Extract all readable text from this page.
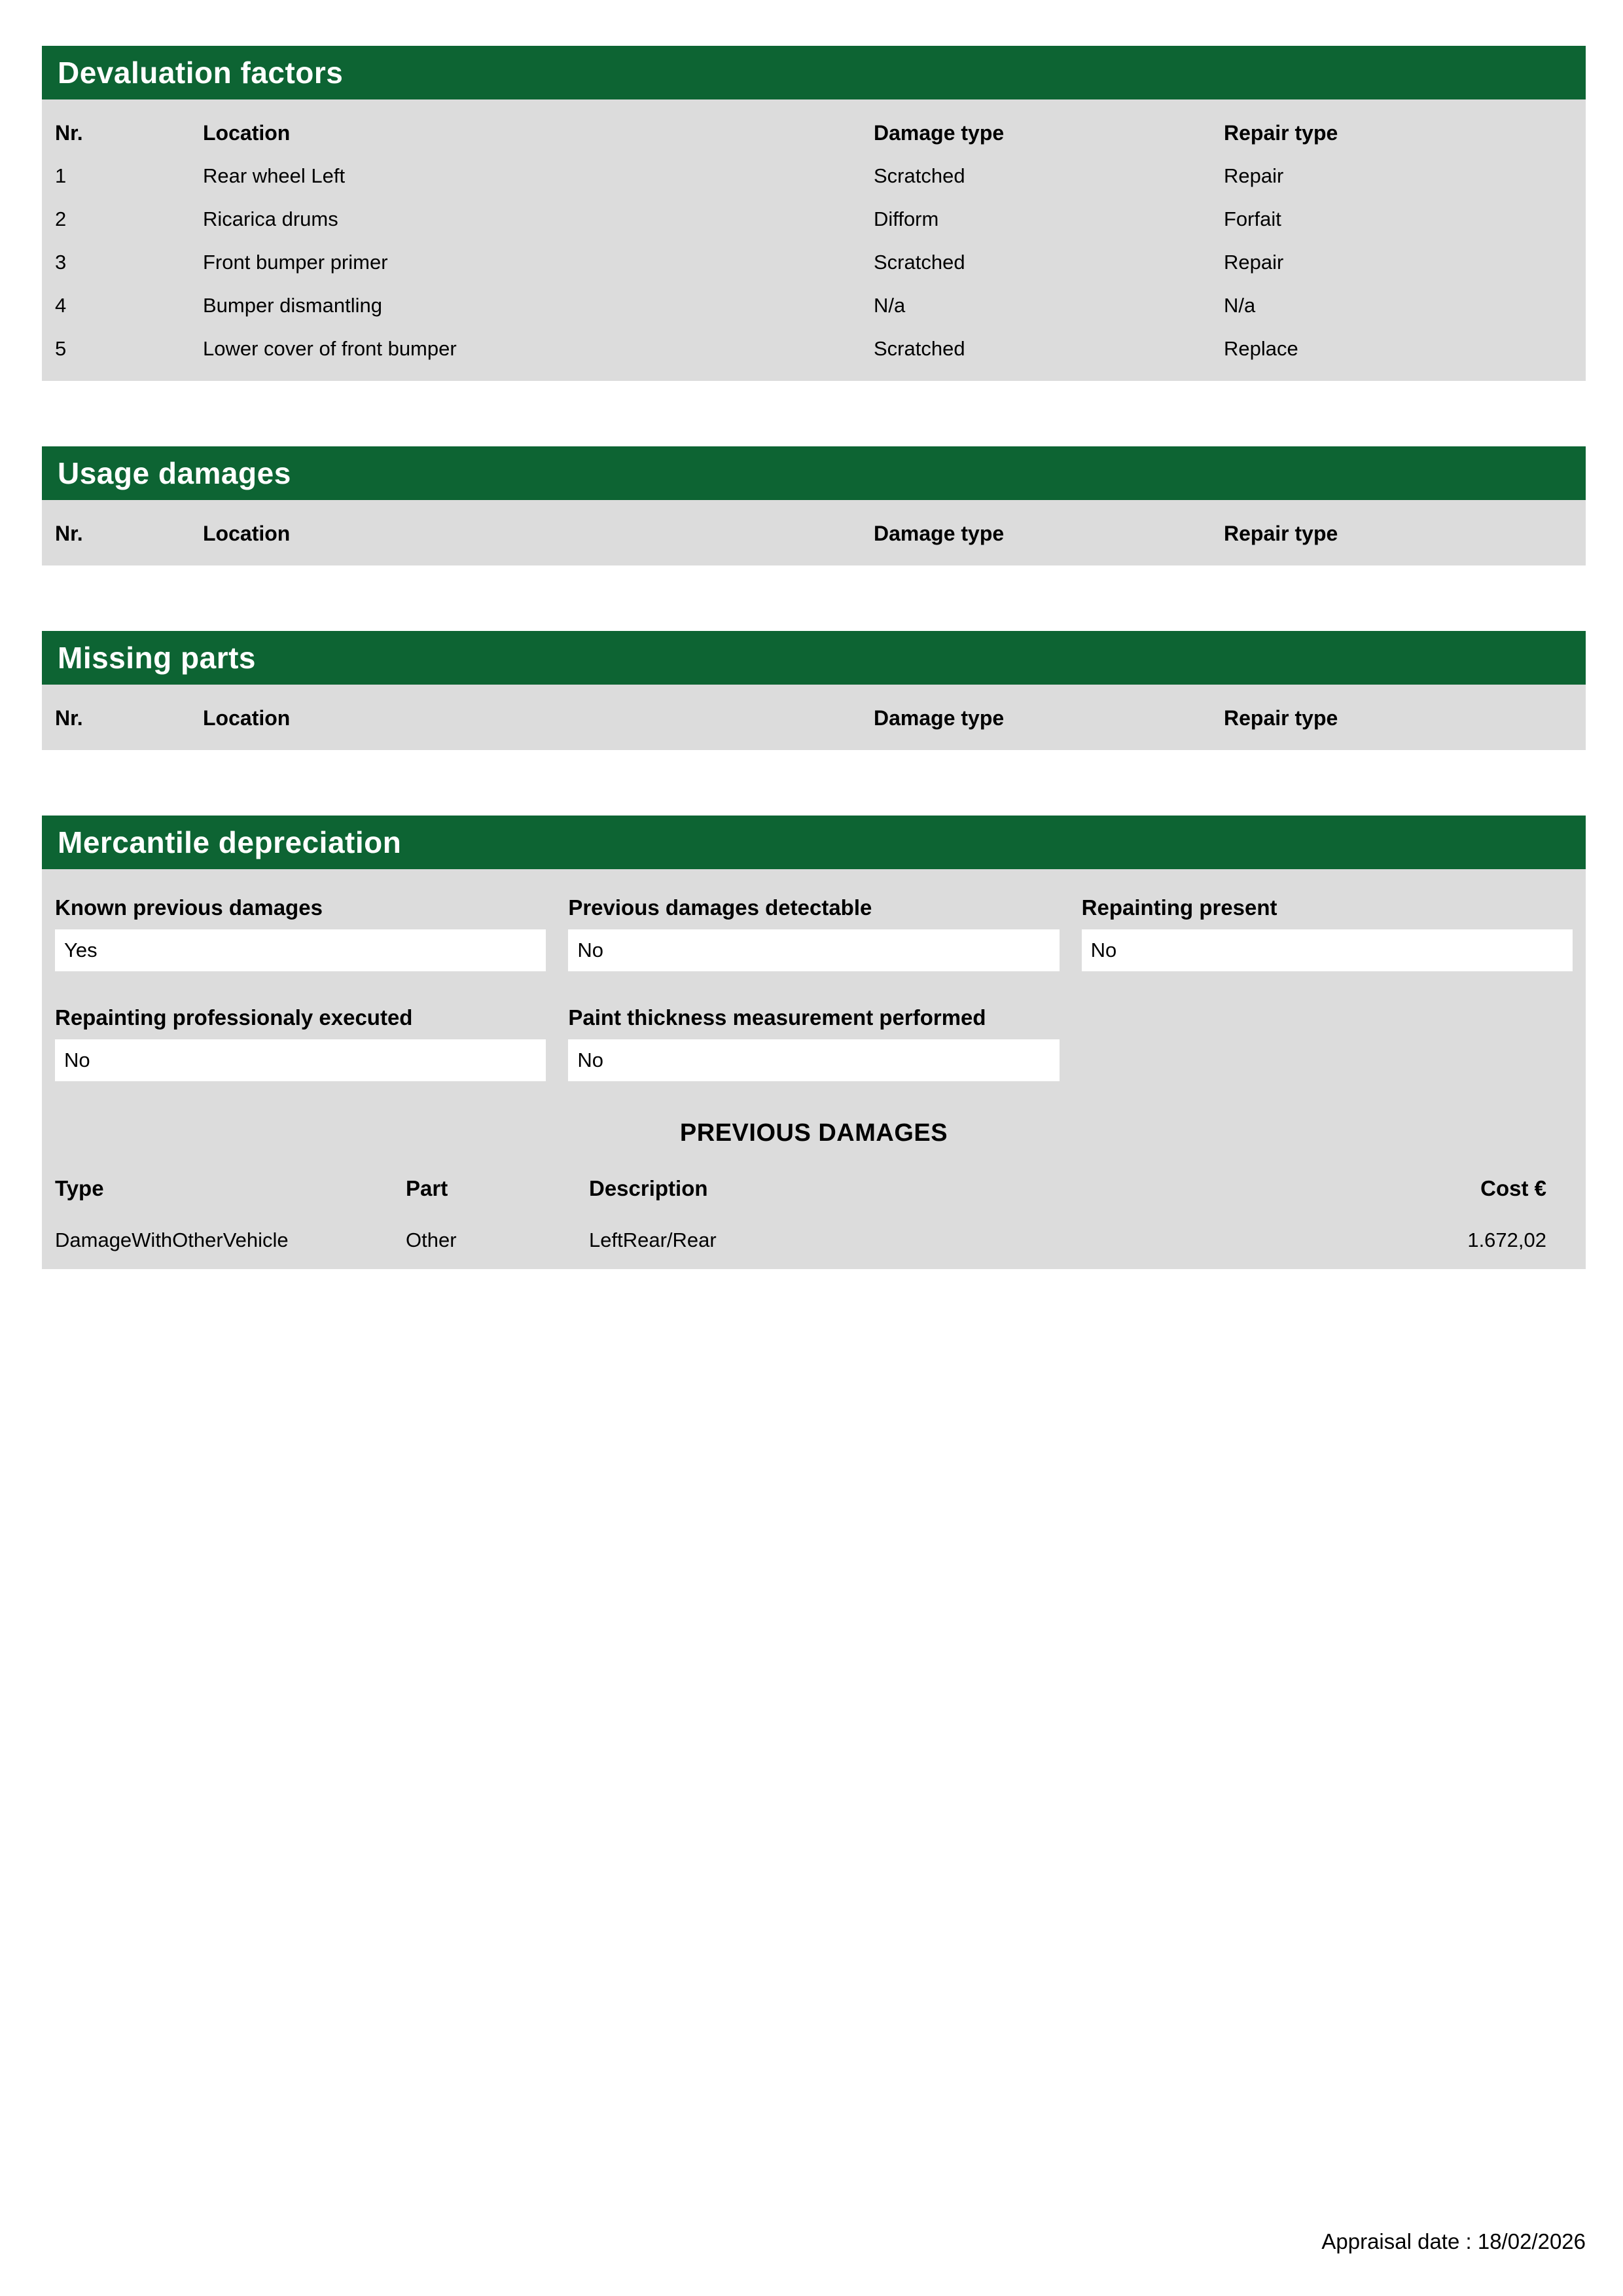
Devaluation factors
Nr.	Location	Damage type	Repair type
1	Rear wheel Left	Scratched	Repair
2	Ricarica drums	Difform	Forfait
3	Front bumper primer	Scratched	Repair
4	Bumper dismantling	N/a	N/a
5	Lower cover of front bumper	Scratched	Replace
Usage damages
Nr.	Location	Damage type	Repair type
Missing parts
Nr.	Location	Damage type	Repair type
Mercantile depreciation
Known previous damages
Yes
Previous damages detectable
No
Repainting present
No
Repainting professionaly executed
No
Paint thickness measurement performed
No
PREVIOUS DAMAGES
Type	Part	Description	Cost €
DamageWithOtherVehicle	Other	LeftRear/Rear	1.672,02
Appraisal date : 18/02/2026
